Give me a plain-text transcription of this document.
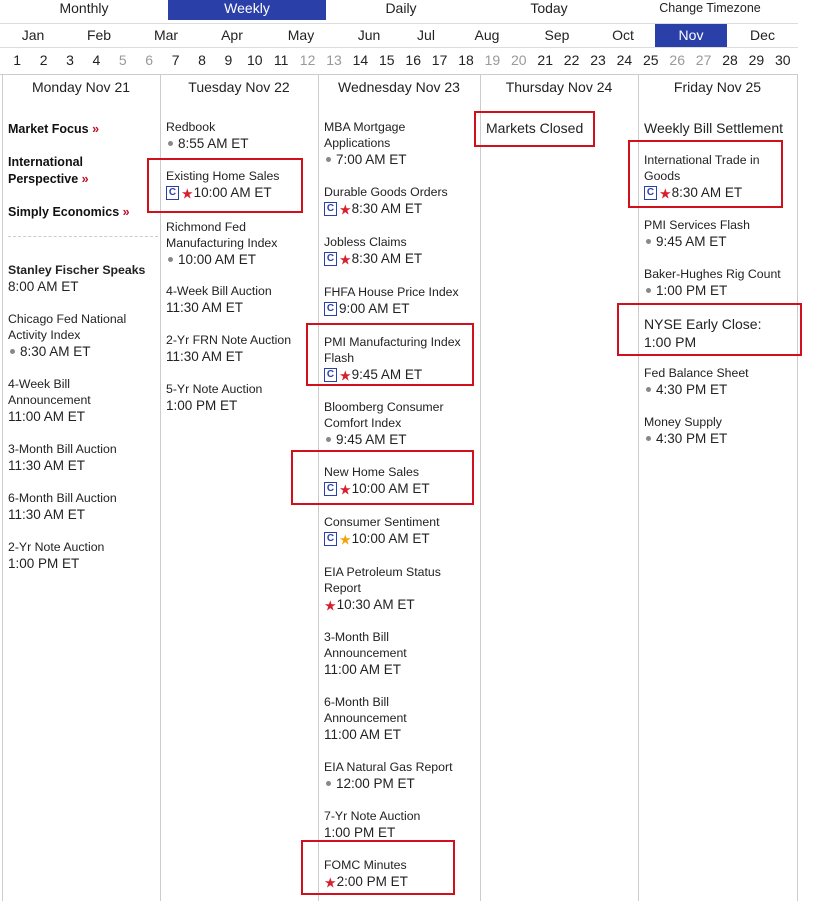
Monthly	Weekly	Daily	Today	Change Timezone
Jan	Feb	Mar	Apr	May	Jun	Jul	Aug	Sep	Oct	Nov	Dec
1	2	3	4	5	6	7	8	9	10 11 12 13 14 15 16 17 18 19 20 21 22 23 24 25 26 27 28 29 30
Monday Nov 21
Market Focus »
International Perspective »
Simply Economics »
Stanley Fischer Speaks
8:00 AM ET
Chicago Fed National Activity Index
8:30 AM ET
4-Week Bill Announcement
11:00 AM ET
3-Month Bill Auction
11:30 AM ET
6-Month Bill Auction
11:30 AM ET
2-Yr Note Auction
1:00 PM ET
Tuesday Nov 22
Redbook
8:55 AM ET
Existing Home Sales
C ★10:00 AM ET
Richmond Fed Manufacturing Index
10:00 AM ET
4-Week Bill Auction
11:30 AM ET
2-Yr FRN Note Auction
11:30 AM ET
5-Yr Note Auction
1:00 PM ET
Wednesday Nov 23
MBA Mortgage Applications
7:00 AM ET
Durable Goods Orders
C ★8:30 AM ET
Jobless Claims
C ★8:30 AM ET
FHFA House Price Index
C 9:00 AM ET
PMI Manufacturing Index Flash
C ★9:45 AM ET
Bloomberg Consumer Comfort Index
9:45 AM ET
New Home Sales
C ★10:00 AM ET
Consumer Sentiment
C ★10:00 AM ET
EIA Petroleum Status Report
★10:30 AM ET
3-Month Bill Announcement
11:00 AM ET
6-Month Bill Announcement
11:00 AM ET
EIA Natural Gas Report
12:00 PM ET
7-Yr Note Auction
1:00 PM ET
FOMC Minutes
★2:00 PM ET
Thursday Nov 24
Markets Closed
Friday Nov 25
Weekly Bill Settlement
International Trade in Goods
C ★8:30 AM ET
PMI Services Flash
9:45 AM ET
Baker-Hughes Rig Count
1:00 PM ET
NYSE Early Close: 1:00 PM
Fed Balance Sheet
4:30 PM ET
Money Supply
4:30 PM ET
